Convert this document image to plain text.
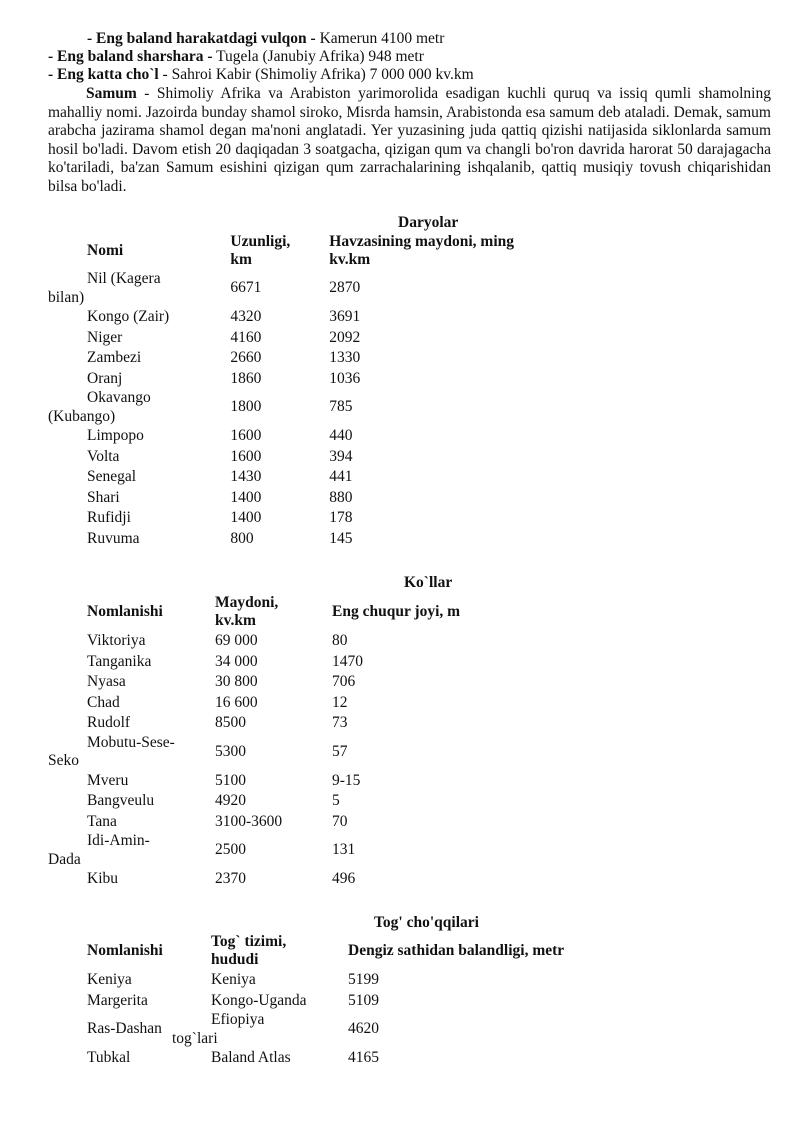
- Eng baland harakatdagi vulqon - Kamerun 4100 metr
- Eng baland sharshara - Tugela (Janubiy Afrika) 948 metr
- Eng katta cho`l - Sahroi Kabir (Shimoliy Afrika) 7 000 000 kv.km
Samum - Shimoliy Afrika va Arabiston yarimorolida esadigan kuchli quruq va issiq qumli shamolning mahalliy nomi. Jazoirda bunday shamol siroko, Misrda hamsin, Arabistonda esa samum deb ataladi. Demak, samum arabcha jazirama shamol degan ma'noni anglatadi. Yer yuzasining juda qattiq qizishi natijasida siklonlarda samum hosil bo'ladi. Davom etish 20 daqiqadan 3 soatgacha, qizigan qum va changli bo'ron davrida harorat 50 darajagacha ko'tariladi, ba'zan Samum esishini qizigan qum zarrachalarining ishqalanib, qattiq musiqiy tovush chiqarishidan bilsa bo'ladi.
Daryolar
Nomi	Uzunligi, km	Havzasining maydoni, ming kv.km
Nil (Kagera bilan)	6671	2870
Kongo (Zair)	4320	3691
Niger	4160	2092
Zambezi	2660	1330
Oranj	1860	1036
Okavango (Kubango)	1800	785
Limpopo	1600	440
Volta	1600	394
Senegal	1430	441
Shari	1400	880
Rufidji	1400	178
Ruvuma	800	145
Ko`llar
Nomlanishi	Maydoni, kv.km	Eng chuqur joyi, m
Viktoriya	69 000	80
Tanganika	34 000	1470
Nyasa	30 800	706
Chad	16 600	12
Rudolf	8500	73
Mobutu-Sese-Seko	5300	57
Mveru	5100	9-15
Bangveulu	4920	5
Tana	3100-3600	70
Idi-Amin-Dada	2500	131
Kibu	2370	496
Tog' cho'qqilari
Nomlanishi	Tog` tizimi, hududi	Dengiz sathidan balandligi, metr
Keniya	Keniya	5199
Margerita	Kongo-Uganda	5109
Ras-Dashan	Efiopiya tog`lari	4620
Tubkal	Baland Atlas	4165
